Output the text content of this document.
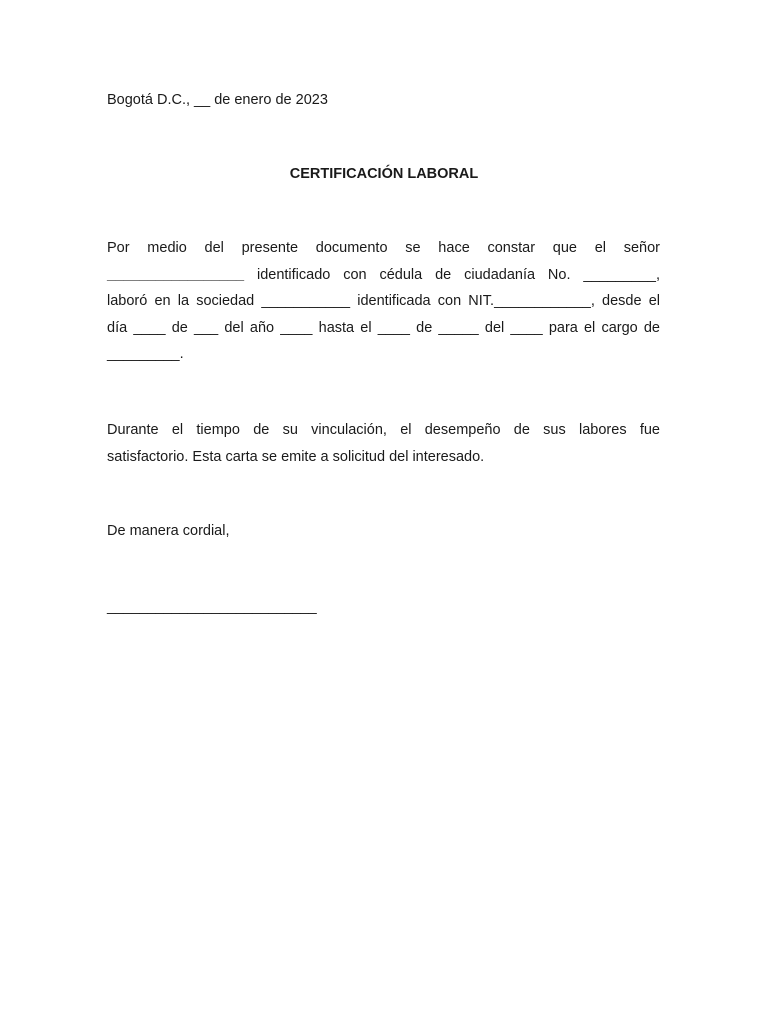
Bogotá D.C., __ de enero de 2023
CERTIFICACIÓN LABORAL
Por medio del presente documento se hace constar que el señor
_________________ identificado con cédula de ciudadanía No. _________,
laboró en la sociedad ___________ identificada con NIT.____________, desde el
día ____ de ___ del año ____ hasta el ____ de _____ del ____ para el cargo de
_________.
Durante el tiempo de su vinculación, el desempeño de sus labores fue
satisfactorio. Esta carta se emite a solicitud del interesado.
De manera cordial,
__________________________
